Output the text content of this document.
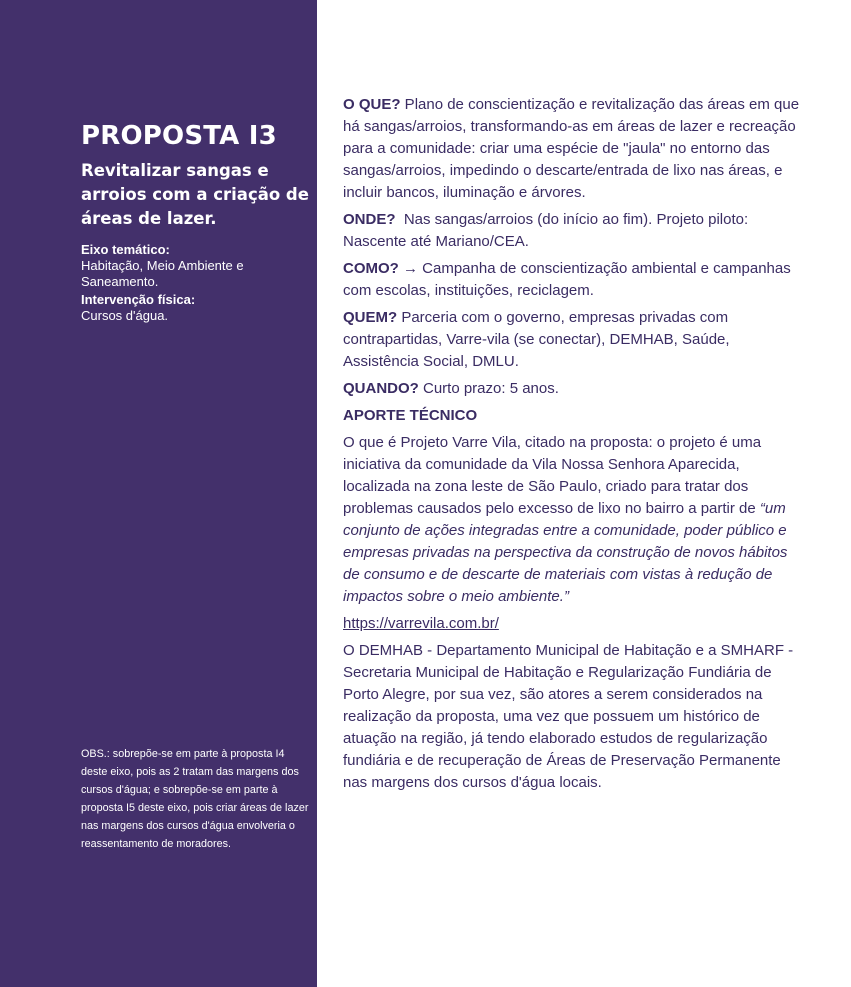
PROPOSTA I3
Revitalizar sangas e arroios com a criação de áreas de lazer.
Eixo temático:
Habitação, Meio Ambiente e Saneamento.
Intervenção física:
Cursos d'água.
OBS.: sobrepõe-se em parte à proposta I4 deste eixo, pois as 2 tratam das margens dos cursos d'água; e sobrepõe-se em parte à proposta I5 deste eixo, pois criar áreas de lazer nas margens dos cursos d'água envolveria o reassentamento de moradores.

O QUE? Plano de conscientização e revitalização das áreas em que há sangas/arroios, transformando-as em áreas de lazer e recreação para a comunidade: criar uma espécie de "jaula" no entorno das sangas/arroios, impedindo o descarte/entrada de lixo nas áreas, e incluir bancos, iluminação e árvores.

ONDE?  Nas sangas/arroios (do início ao fim). Projeto piloto: Nascente até Mariano/CEA.

COMO? → Campanha de conscientização ambiental e campanhas com escolas, instituições, reciclagem.

QUEM? Parceria com o governo, empresas privadas com contrapartidas, Varre-vila (se conectar), DEMHAB, Saúde, Assistência Social, DMLU.

QUANDO? Curto prazo: 5 anos.

APORTE TÉCNICO

O que é Projeto Varre Vila, citado na proposta: o projeto é uma iniciativa da comunidade da Vila Nossa Senhora Aparecida, localizada na zona leste de São Paulo, criado para tratar dos problemas causados pelo excesso de lixo no bairro a partir de “um conjunto de ações integradas entre a comunidade, poder público e empresas privadas na perspectiva da construção de novos hábitos de consumo e de descarte de materiais com vistas à redução de impactos sobre o meio ambiente.”

https://varrevila.com.br/

O DEMHAB - Departamento Municipal de Habitação e a SMHARF - Secretaria Municipal de Habitação e Regularização Fundiária de Porto Alegre, por sua vez, são atores a serem considerados na realização da proposta, uma vez que possuem um histórico de atuação na região, já tendo elaborado estudos de regularização fundiária e de recuperação de Áreas de Preservação Permanente nas margens dos cursos d'água locais.
